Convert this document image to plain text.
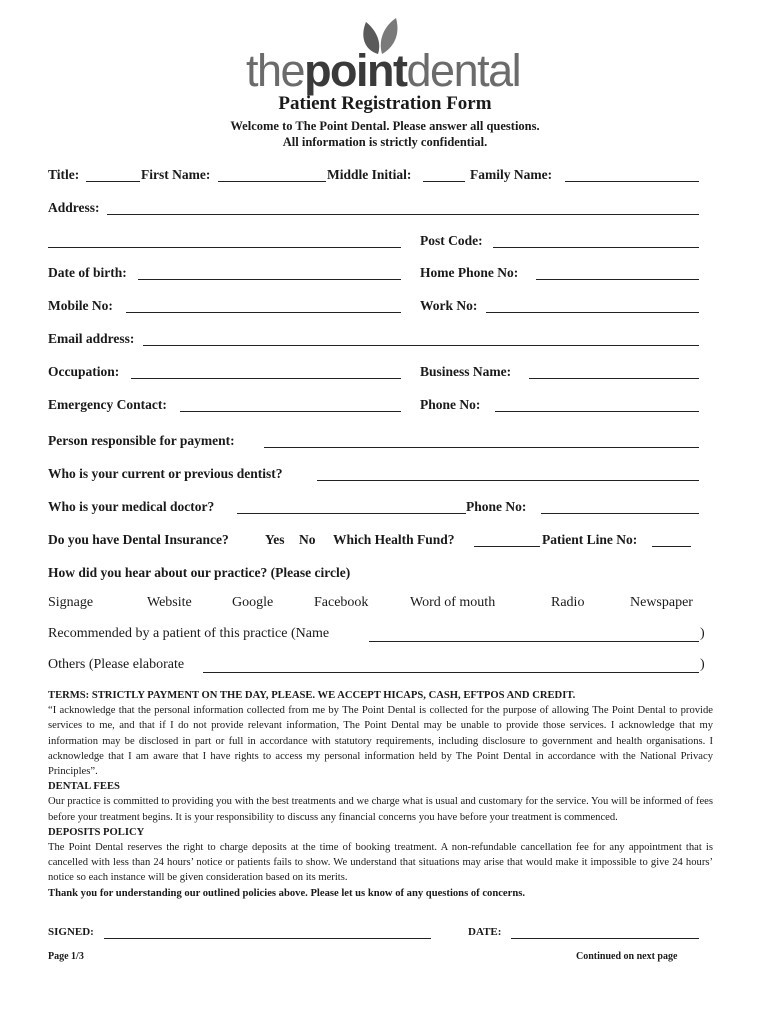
thepointdental
Patient Registration Form
Welcome to The Point Dental. Please answer all questions.
All information is strictly confidential.
Title:	First Name:	Middle Initial:	Family Name:
Address:
Post Code:
Date of birth:	Home Phone No:
Mobile No:	Work No:
Email address:
Occupation:	Business Name:
Emergency Contact:	Phone No:
Person responsible for payment:
Who is your current or previous dentist?
Who is your medical doctor?	Phone No:
Do you have Dental Insurance?	Yes No Which Health Fund?	Patient Line No:
How did you hear about our practice? (Please circle)
Signage	Website	Google	Facebook	Word of mouth	Radio	Newspaper
Recommended by a patient of this practice (Name	)
Others (Please elaborate	)

TERMS: STRICTLY PAYMENT ON THE DAY, PLEASE. WE ACCEPT HICAPS, CASH, EFTPOS AND CREDIT.

“I acknowledge that the personal information collected from me by The Point Dental is collected for the purpose of allowing The Point Dental to provide services to me, and that if I do not provide relevant information, The Point Dental may be unable to provide those services. I acknowledge that my information may be disclosed in part or full in accordance with statutory requirements, including disclosure to government and health organisations. I acknowledge that I am aware that I have rights to access my personal information held by The Point Dental in accordance with the National Privacy Principles”.

DENTAL FEES

Our practice is committed to providing you with the best treatments and we charge what is usual and customary for the service. You will be informed of fees before your treatment begins. It is your responsibility to discuss any financial concerns you have before your treatment is commenced.

DEPOSITS POLICY

The Point Dental reserves the right to charge deposits at the time of booking treatment. A non-refundable cancellation fee for any appointment that is cancelled with less than 24 hours’ notice or patients fails to show. We understand that situations may arise that would make it impossible to give 24 hours’ notice so each instance will be given consideration based on its merits.

Thank you for understanding our outlined policies above. Please let us know of any questions of concerns.

SIGNED:	DATE:
Page 1/3	Continued on next page
